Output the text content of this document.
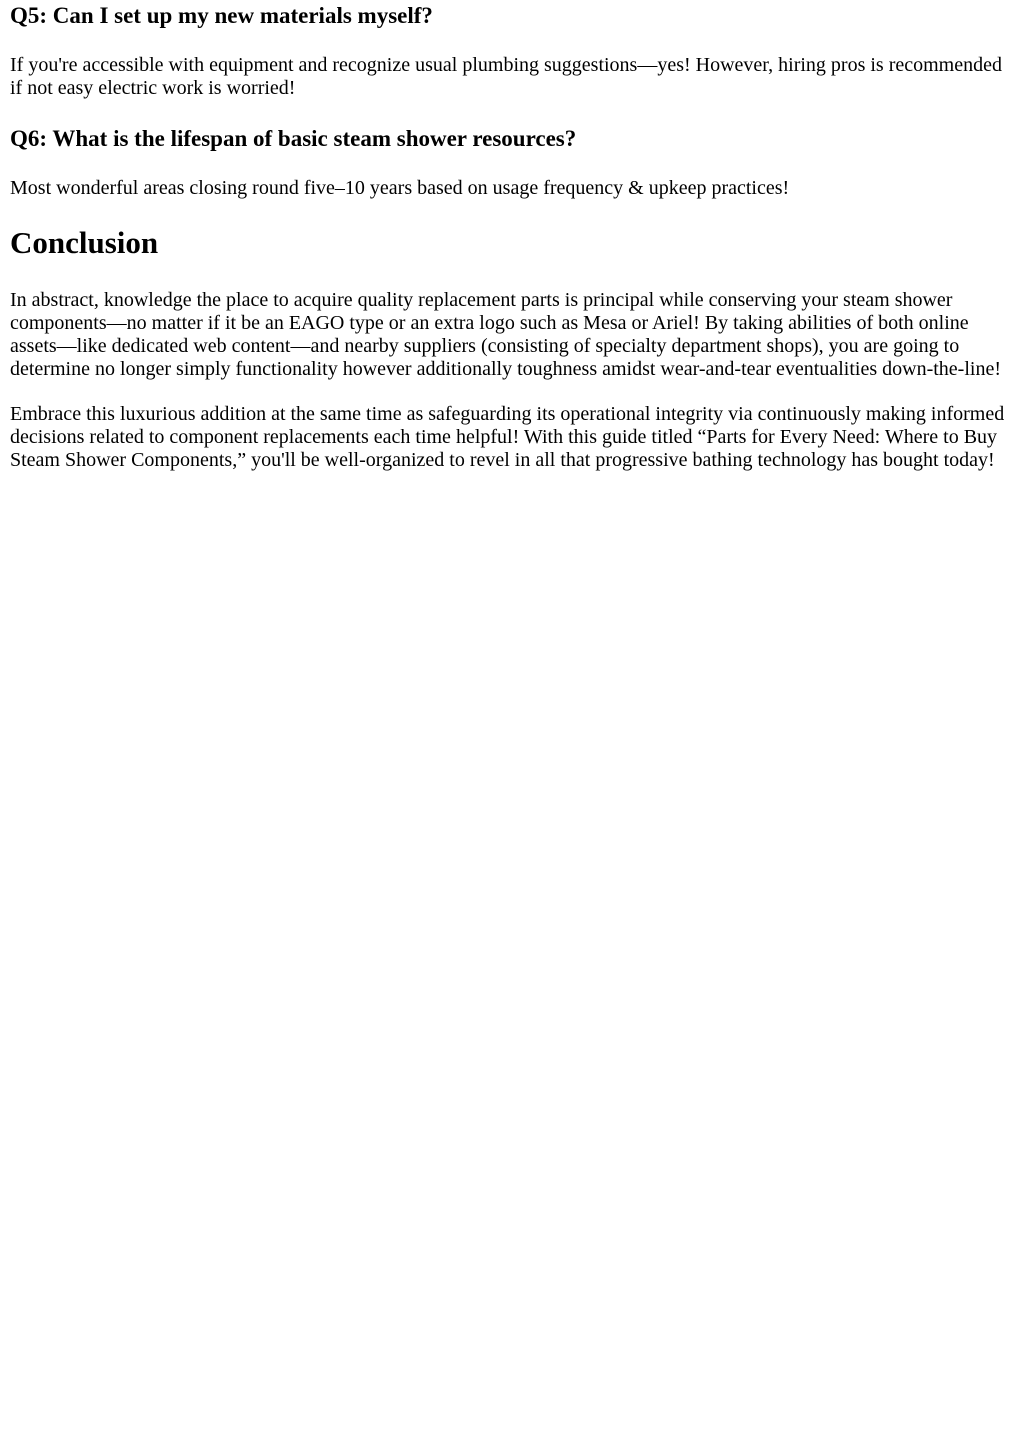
Q5: Can I set up my new materials myself?

If you're accessible with equipment and recognize usual plumbing suggestions—yes! However, hiring pros is recommended if not easy electric work is worried!

Q6: What is the lifespan of basic steam shower resources?

Most wonderful areas closing round five–10 years based on usage frequency & upkeep practices!

Conclusion

In abstract, knowledge the place to acquire quality replacement parts is principal while conserving your steam shower components—no matter if it be an EAGO type or an extra logo such as Mesa or Ariel! By taking abilities of both online assets—like dedicated web content—and nearby suppliers (consisting of specialty department shops), you are going to determine no longer simply functionality however additionally toughness amidst wear-and-tear eventualities down-the-line!

Embrace this luxurious addition at the same time as safeguarding its operational integrity via continuously making informed decisions related to component replacements each time helpful! With this guide titled “Parts for Every Need: Where to Buy Steam Shower Components,” you'll be well-organized to revel in all that progressive bathing technology has bought today!
